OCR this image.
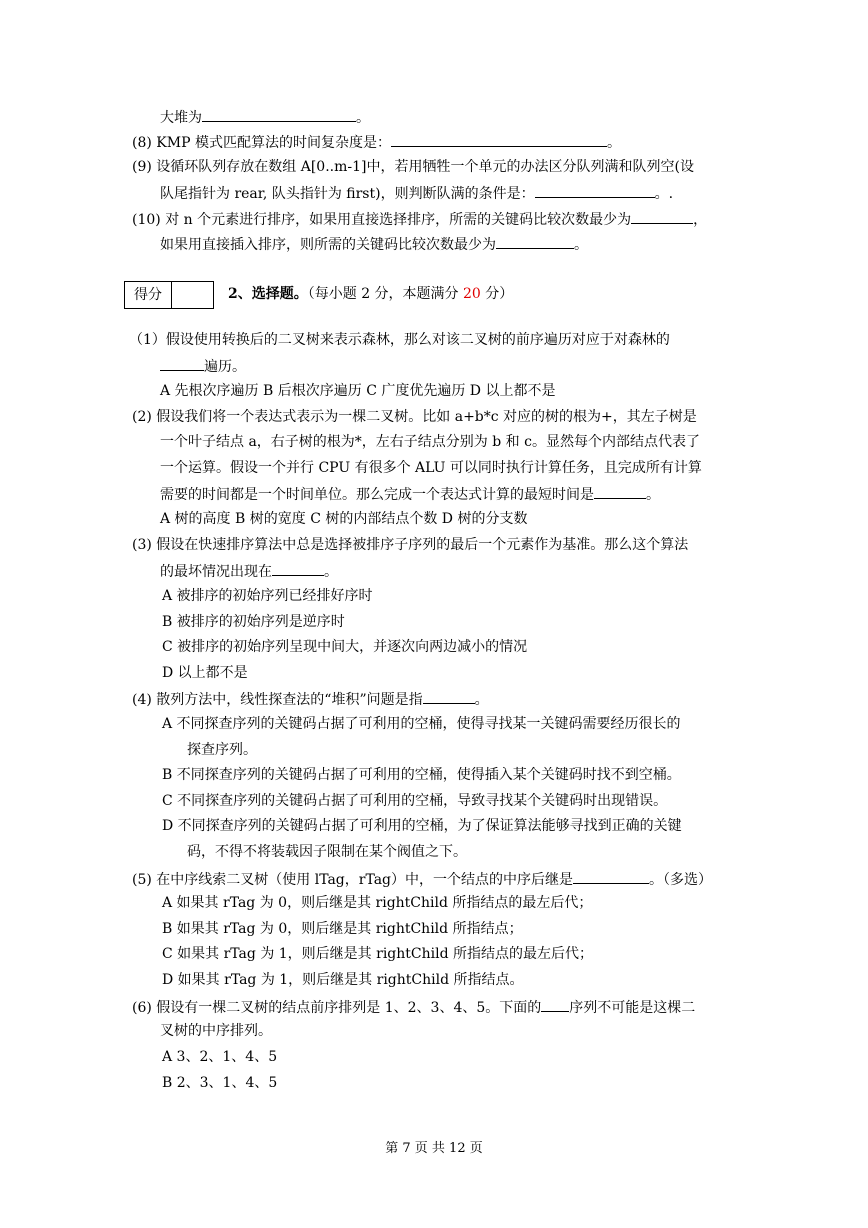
大堆为	。
(8) KMP 模式匹配算法的时间复杂度是：	。
(9) 设循环队列存放在数组 A[0..m-1]中，若用牺牲一个单元的办法区分队列满和队列空(设
队尾指针为 rear, 队头指针为 first)，则判断队满的条件是：	。.
(10) 对 n 个元素进行排序，如果用直接选择排序，所需的关键码比较次数最少为	，
如果用直接插入排序，则所需的关键码比较次数最少为	。
得分	2、选择题。（每小题 2 分，本题满分 20 分）
（1）假设使用转换后的二叉树来表示森林，那么对该二叉树的前序遍历对应于对森林的
遍历。
A 先根次序遍历 B 后根次序遍历 C 广度优先遍历 D 以上都不是
(2) 假设我们将一个表达式表示为一棵二叉树。比如 a+b*c 对应的树的根为+，其左子树是
一个叶子结点 a，右子树的根为*，左右子结点分别为 b 和 c。显然每个内部结点代表了
一个运算。假设一个并行 CPU 有很多个 ALU 可以同时执行计算任务，且完成所有计算
需要的时间都是一个时间单位。那么完成一个表达式计算的最短时间是	。
A 树的高度 B 树的宽度 C 树的内部结点个数 D 树的分支数
(3) 假设在快速排序算法中总是选择被排序子序列的最后一个元素作为基准。那么这个算法
的最坏情况出现在	。
A 被排序的初始序列已经排好序时
B 被排序的初始序列是逆序时
C 被排序的初始序列呈现中间大，并逐次向两边减小的情况
D 以上都不是
(4) 散列方法中，线性探查法的“堆积”问题是指	。
A 不同探查序列的关键码占据了可利用的空桶，使得寻找某一关键码需要经历很长的
探查序列。
B 不同探查序列的关键码占据了可利用的空桶，使得插入某个关键码时找不到空桶。
C 不同探查序列的关键码占据了可利用的空桶，导致寻找某个关键码时出现错误。
D 不同探查序列的关键码占据了可利用的空桶，为了保证算法能够寻找到正确的关键
码，不得不将装载因子限制在某个阀值之下。
(5) 在中序线索二叉树（使用 lTag，rTag）中，一个结点的中序后继是	。（多选）
A 如果其 rTag 为 0，则后继是其 rightChild 所指结点的最左后代；
B 如果其 rTag 为 0，则后继是其 rightChild 所指结点；
C 如果其 rTag 为 1，则后继是其 rightChild 所指结点的最左后代；
D 如果其 rTag 为 1，则后继是其 rightChild 所指结点。
(6) 假设有一棵二叉树的结点前序排列是 1、2、3、4、5。下面的 序列不可能是这棵二
叉树的中序排列。
A 3、2、1、4、5
B 2、3、1、4、5
第 7 页 共 12 页
